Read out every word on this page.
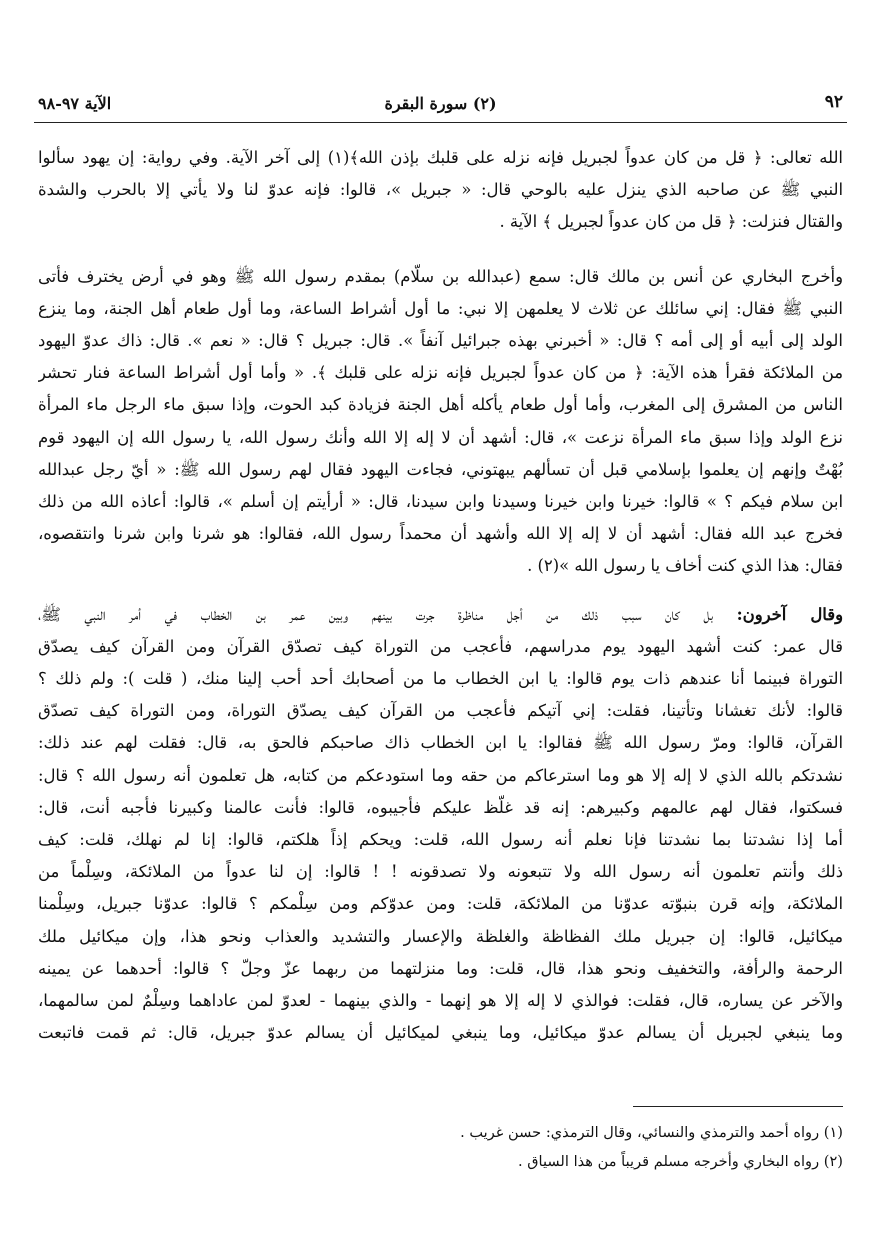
٩٢
(٢) سورة البقرة
الآية ٩٧-٩٨
الله تعالى: ﴿ قل من كان عدواً لجبريل فإنه نزله على قلبك بإذن الله﴾(١) إلى آخر الآية. وفي رواية: إن يهود سألوا
النبي ﷺ عن صاحبه الذي ينزل عليه بالوحي قال: « جبريل »، قالوا: فإنه عدوّ لنا ولا يأتي إلا بالحرب والشدة
والقتال فنزلت: ﴿ قل من كان عدواً لجبريل ﴾ الآية .
وأخرج البخاري عن أنس بن مالك قال: سمع (عبدالله بن سلّام) بمقدم رسول الله ﷺ وهو في أرض يخترف فأتى
النبي ﷺ فقال: إني سائلك عن ثلاث لا يعلمهن إلا نبي: ما أول أشراط الساعة، وما أول طعام أهل الجنة، وما ينزع
الولد إلى أبيه أو إلى أمه ؟ قال: « أخبرني بهذه جبرائيل آنفاً ». قال: جبريل ؟ قال: « نعم ». قال: ذاك عدوّ اليهود
من الملائكة فقرأ هذه الآية: ﴿ من كان عدواً لجبريل فإنه نزله على قلبك ﴾. « وأما أول أشراط الساعة فنار تحشر
الناس من المشرق إلى المغرب، وأما أول طعام يأكله أهل الجنة فزيادة كبد الحوت، وإذا سبق ماء الرجل ماء المرأة
نزع الولد وإذا سبق ماء المرأة نزعت »، قال: أشهد أن لا إله إلا الله وأنك رسول الله، يا رسول الله إن اليهود قوم
بُهْتٌ وإنهم إن يعلموا بإسلامي قبل أن تسألهم يبهتوني، فجاءت اليهود فقال لهم رسول الله ﷺ: « أيّ رجل عبدالله
ابن سلام فيكم ؟ » قالوا: خيرنا وابن خيرنا وسيدنا وابن سيدنا، قال: « أرأيتم إن أسلم »، قالوا: أعاذه الله من ذلك
فخرج عبد الله فقال: أشهد أن لا إله إلا الله وأشهد أن محمداً رسول الله، فقالوا: هو شرنا وابن شرنا وانتقصوه،
فقال: هذا الذي كنت أخاف يا رسول الله »(٢) .
وقال آخرون: بل كان سبب ذلك من أجل مناظرة جرت بينهم وبين عمر بن الخطاب في أمر النبي ﷺ،
قال عمر: كنت أشهد اليهود يوم مدراسهم، فأعجب من التوراة كيف تصدّق القرآن ومن القرآن كيف يصدّق
التوراة فبينما أنا عندهم ذات يوم قالوا: يا ابن الخطاب ما من أصحابك أحد أحب إلينا منك، ( قلت ): ولم ذلك ؟
قالوا: لأنك تغشانا وتأتينا، فقلت: إني آتيكم فأعجب من القرآن كيف يصدّق التوراة، ومن التوراة كيف تصدّق
القرآن، قالوا: ومرّ رسول الله ﷺ فقالوا: يا ابن الخطاب ذاك صاحبكم فالحق به، قال: فقلت لهم عند ذلك:
نشدتكم بالله الذي لا إله إلا هو وما استرعاكم من حقه وما استودعكم من كتابه، هل تعلمون أنه رسول الله ؟ قال:
فسكتوا، فقال لهم عالمهم وكبيرهم: إنه قد غلّظ عليكم فأجيبوه، قالوا: فأنت عالمنا وكبيرنا فأجبه أنت، قال:
أما إذا نشدتنا بما نشدتنا فإنا نعلم أنه رسول الله، قلت: ويحكم إذاً هلكتم، قالوا: إنا لم نهلك، قلت: كيف
ذلك وأنتم تعلمون أنه رسول الله ولا تتبعونه ولا تصدقونه ! ! قالوا: إن لنا عدواً من الملائكة، وسِلْماً من
الملائكة، وإنه قرن بنبوّته عدوّنا من الملائكة، قلت: ومن عدوّكم ومن سِلْمكم ؟ قالوا: عدوّنا جبريل، وسِلْمنا
ميكائيل، قالوا: إن جبريل ملك الفظاظة والغلظة والإعسار والتشديد والعذاب ونحو هذا، وإن ميكائيل ملك
الرحمة والرأفة، والتخفيف ونحو هذا، قال، قلت: وما منزلتهما من ربهما عزّ وجلّ ؟ قالوا: أحدهما عن يمينه
والآخر عن يساره، قال، فقلت: فوالذي لا إله إلا هو إنهما - والذي بينهما - لعدوّ لمن عاداهما وسِلْمٌ لمن سالمهما،
وما ينبغي لجبريل أن يسالم عدوّ ميكائيل، وما ينبغي لميكائيل أن يسالم عدوّ جبريل، قال: ثم قمت فاتبعت
(١) رواه أحمد والترمذي والنسائي، وقال الترمذي: حسن غريب .
(٢) رواه البخاري وأخرجه مسلم قريباً من هذا السياق .
